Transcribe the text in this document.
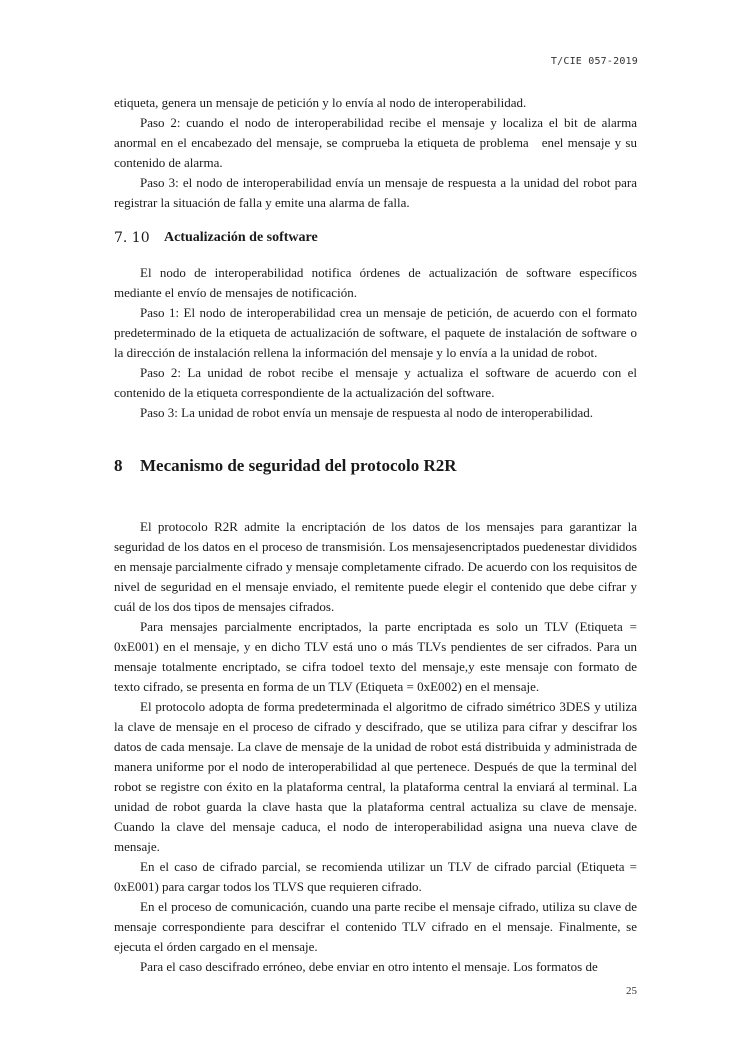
T/CIE 057-2019

etiqueta, genera un mensaje de petición y lo envía al nodo de interoperabilidad.

Paso 2: cuando el nodo de interoperabilidad recibe el mensaje y localiza el bit de alarma anormal en el encabezado del mensaje, se comprueba la etiqueta de problema   enel mensaje y su contenido de alarma.

Paso 3: el nodo de interoperabilidad envía un mensaje de respuesta a la unidad del robot para registrar la situación de falla y emite una alarma de falla.

7. 10	Actualización de software

El nodo de interoperabilidad notifica órdenes de actualización de software específicos mediante el envío de mensajes de notificación.

Paso 1: El nodo de interoperabilidad crea un mensaje de petición, de acuerdo con el formato predeterminado de la etiqueta de actualización de software, el paquete de instalación de software o la dirección de instalación rellena la información del mensaje y lo envía a la unidad de robot.

Paso 2: La unidad de robot recibe el mensaje y actualiza el software de acuerdo con el contenido de la etiqueta correspondiente de la actualización del software.

Paso 3: La unidad de robot envía un mensaje de respuesta al nodo de interoperabilidad.

8	Mecanismo de seguridad del protocolo R2R

El protocolo R2R admite la encriptación de los datos de los mensajes para garantizar la seguridad de los datos en el proceso de transmisión. Los mensajesencriptados puedenestar divididos en mensaje parcialmente cifrado y mensaje completamente cifrado. De acuerdo con los requisitos de nivel de seguridad en el mensaje enviado, el remitente puede elegir el contenido que debe cifrar y cuál de los dos tipos de mensajes cifrados.

Para mensajes parcialmente encriptados, la parte encriptada es solo un TLV (Etiqueta = 0xE001) en el mensaje, y en dicho TLV está uno o más TLVs pendientes de ser cifrados. Para un mensaje totalmente encriptado, se cifra todoel texto del mensaje,y este mensaje con formato de texto cifrado, se presenta en forma de un TLV (Etiqueta = 0xE002) en el mensaje.

El protocolo adopta de forma predeterminada el algoritmo de cifrado simétrico 3DES y utiliza la clave de mensaje en el proceso de cifrado y descifrado, que se utiliza para cifrar y descifrar los datos de cada mensaje. La clave de mensaje de la unidad de robot está distribuida y administrada de manera uniforme por el nodo de interoperabilidad al que pertenece. Después de que la terminal del robot se registre con éxito en la plataforma central, la plataforma central la enviará al terminal. La unidad de robot guarda la clave hasta que la plataforma central actualiza su clave de mensaje. Cuando la clave del mensaje caduca, el nodo de interoperabilidad asigna una nueva clave de mensaje.

En el caso de cifrado parcial, se recomienda utilizar un TLV de cifrado parcial (Etiqueta = 0xE001) para cargar todos los TLVS que requieren cifrado.

En el proceso de comunicación, cuando una parte recibe el mensaje cifrado, utiliza su clave de mensaje correspondiente para descifrar el contenido TLV cifrado en el mensaje. Finalmente, se ejecuta el órden cargado en el mensaje.

Para el caso descifrado erróneo, debe enviar en otro intento el mensaje. Los formatos de

25
